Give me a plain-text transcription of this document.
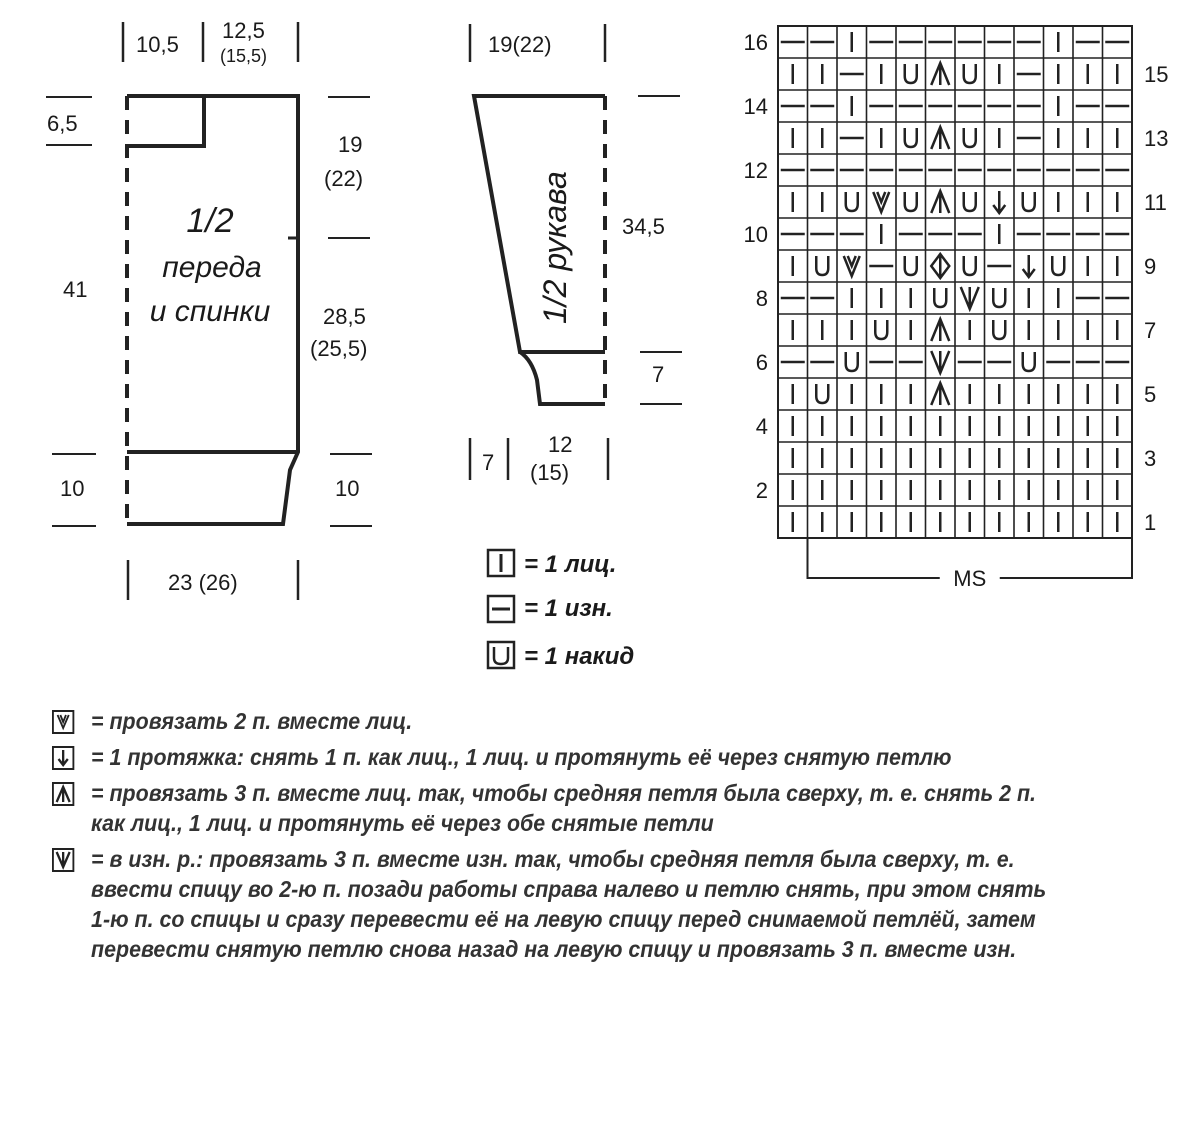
10,5
12,5
(15,5)
6,5
41
10
19
(22)
28,5
(25,5)
10
23 (26)
1/2
переда
и спинки
19(22)
34,5
7
1/2 рукава
7
12
(15)
= 1 лиц.
= 1 изн.
= 1 накид
16
14
12
10
8
6
4
2
15
13
11
9
7
5
3
1
MS
= провязать 2 п. вместе лиц.
= 1 протяжка: снять 1 п. как лиц., 1 лиц. и протянуть её через снятую петлю
= провязать 3 п. вместе лиц. так, чтобы средняя петля была сверху, т. е. снять 2 п. как лиц., 1 лиц. и протянуть её через обе снятые петли
= в изн. р.: провязать 3 п. вместе изн. так, чтобы средняя петля была сверху, т. е. ввести спицу во 2-ю п. позади работы справа налево и петлю снять, при этом снять 1-ю п. со спицы и сразу перевести её на левую спицу перед снимаемой петлёй, затем перевести снятую петлю снова назад на левую спицу и провязать 3 п. вместе изн.
